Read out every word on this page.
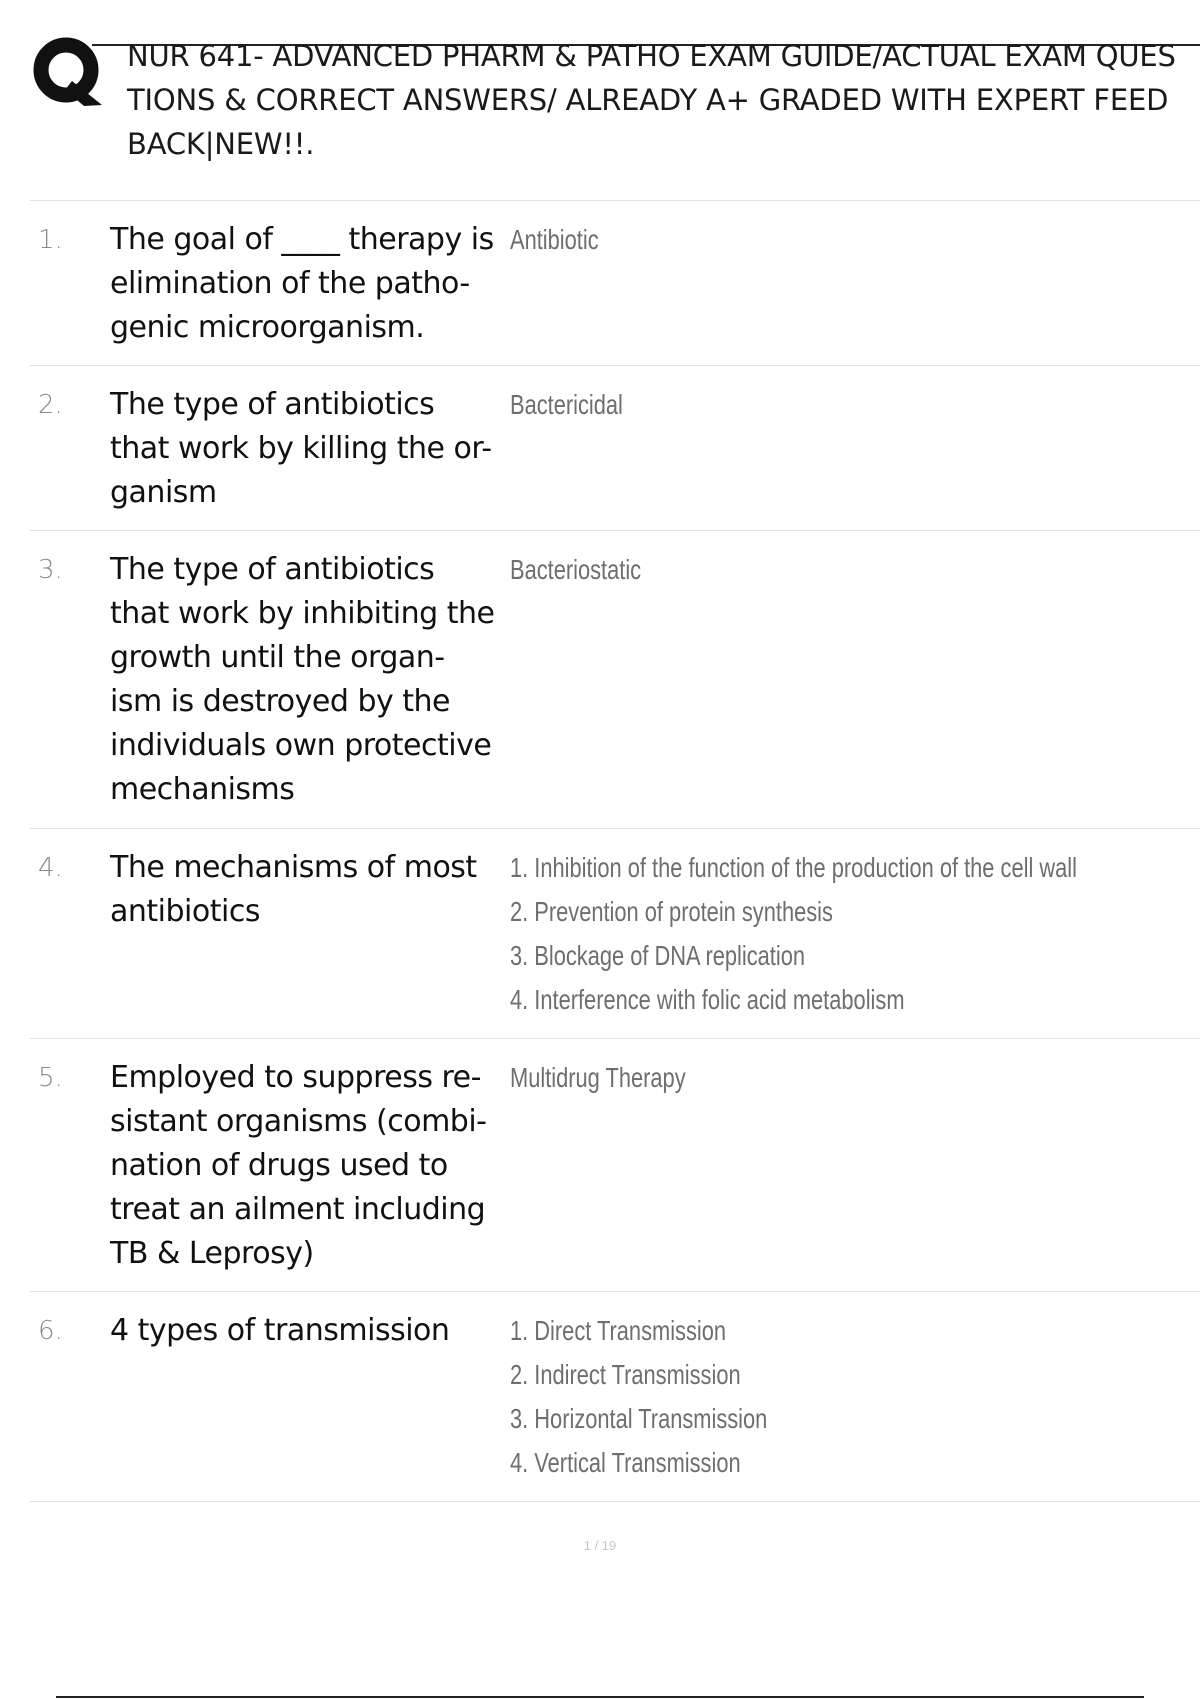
NUR 641- ADVANCED PHARM & PATHO EXAM GUIDE/ACTUAL EXAM QUES
TIONS & CORRECT ANSWERS/ ALREADY A+ GRADED WITH EXPERT FEED
BACK|NEW!!.
1. The goal of ____ therapy is
elimination of the patho-
genic microorganism.
Antibiotic
2. The type of antibiotics
that work by killing the or-
ganism
Bactericidal
3. The type of antibiotics
that work by inhibiting the
growth until the organ-
ism is destroyed by the
individuals own protective
mechanisms
Bacteriostatic
4. The mechanisms of most
antibiotics
1. Inhibition of the function of the production of the cell wall
2. Prevention of protein synthesis
3. Blockage of DNA replication
4. Interference with folic acid metabolism
5. Employed to suppress re-
sistant organisms (combi-
nation of drugs used to
treat an ailment including
TB & Leprosy)
Multidrug Therapy
6. 4 types of transmission	1. Direct Transmission
2. Indirect Transmission
3. Horizontal Transmission
4. Vertical Transmission
1 / 19
